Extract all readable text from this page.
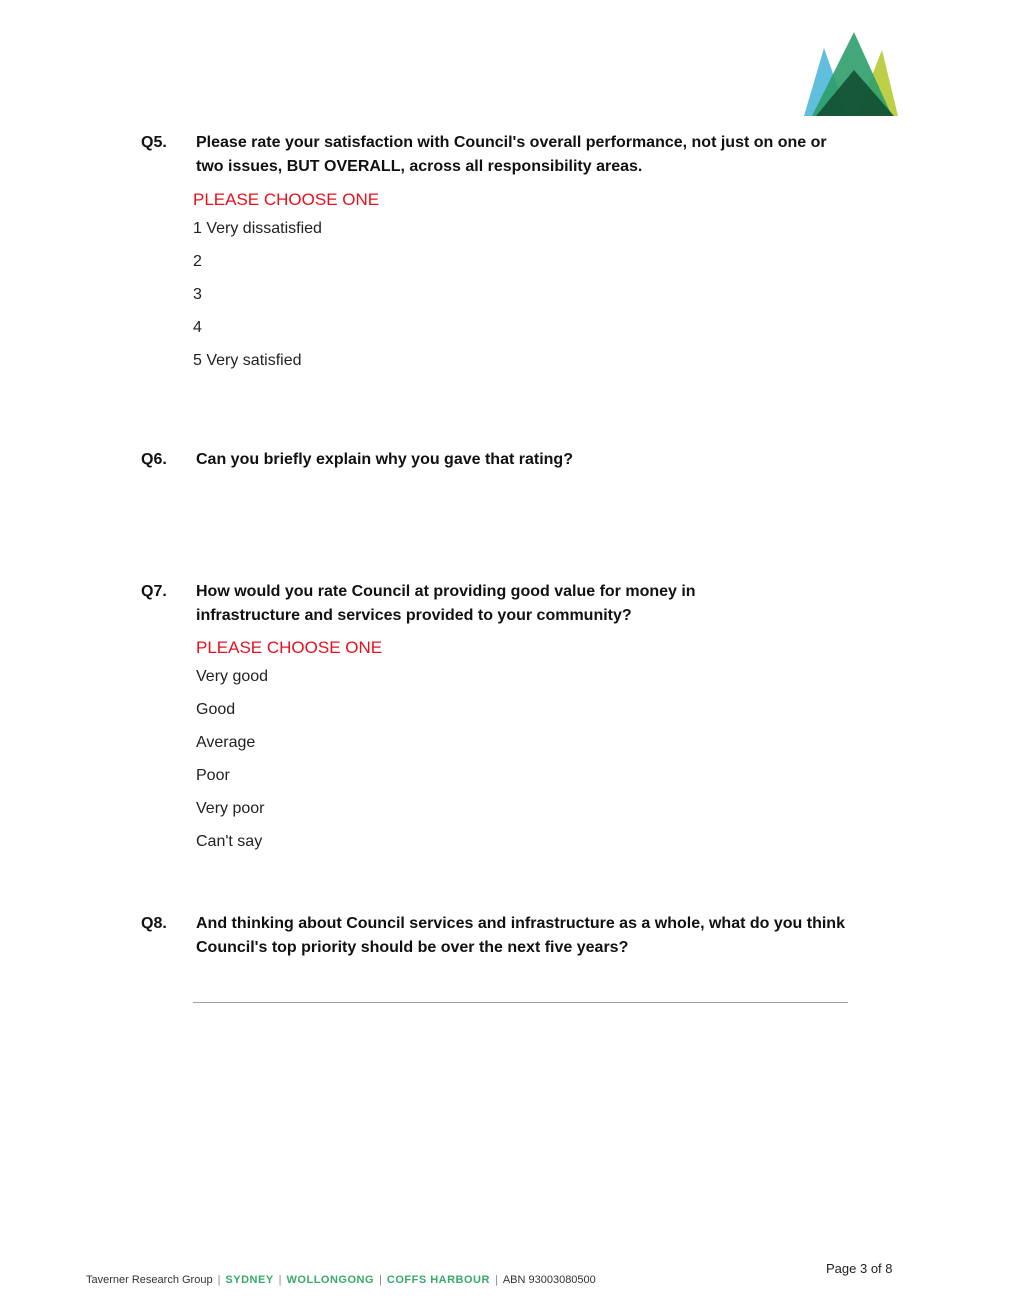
Q5. Please rate your satisfaction with Council's overall performance, not just on one or two issues, BUT OVERALL, across all responsibility areas.
PLEASE CHOOSE ONE
1 Very dissatisfied
2
3
4
5 Very satisfied
Q6. Can you briefly explain why you gave that rating?
Q7. How would you rate Council at providing good value for money in infrastructure and services provided to your community?
PLEASE CHOOSE ONE
Very good
Good
Average
Poor
Very poor
Can't say
Q8. And thinking about Council services and infrastructure as a whole, what do you think Council's top priority should be over the next five years?
Taverner Research Group | SYDNEY | WOLLONGONG | COFFS HARBOUR | ABN 93003080500
Page 3 of 8
